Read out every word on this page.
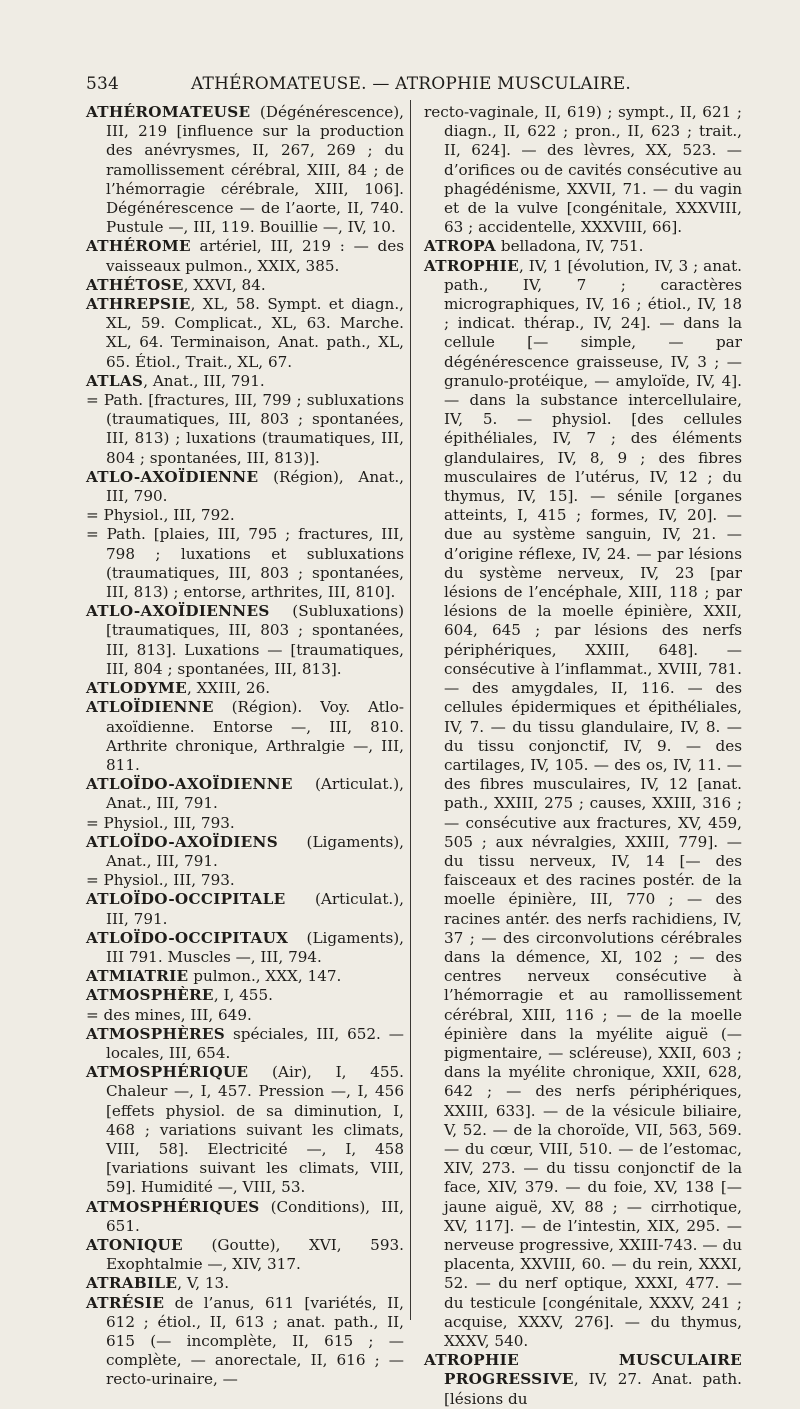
534	ATHÉROMATEUSE. — ATROPHIE MUSCULAIRE.

ATHÉROMATEUSE (Dégénérescence), III, 219 [influence sur la production des anévrysmes, II, 267, 269 ; du ramollissement cérébral, XIII, 84 ; de l’hémorragie cérébrale, XIII, 106]. Dégénérescence — de l’aorte, II, 740. Pustule —, III, 119. Bouillie —, IV, 10.

ATHÉROME artériel, III, 219 : — des vaisseaux pulmon., XXIX, 385.

ATHÉTOSE, XXVI, 84.

ATHREPSIE, XL, 58. Sympt. et diagn., XL, 59. Complicat., XL, 63. Marche. XL, 64. Terminaison, Anat. path., XL, 65. Étiol., Trait., XL, 67.

ATLAS, Anat., III, 791.

= Path. [fractures, III, 799 ; subluxations (traumatiques, III, 803 ; spontanées, III, 813) ; luxations (traumatiques, III, 804 ; spontanées, III, 813)].

ATLO-AXOÏDIENNE (Région), Anat., III, 790.

= Physiol., III, 792.

= Path. [plaies, III, 795 ; fractures, III, 798 ; luxations et subluxations (traumatiques, III, 803 ; spontanées, III, 813) ; entorse, arthrites, III, 810].

ATLO-AXOÏDIENNES (Subluxations) [traumatiques, III, 803 ; spontanées, III, 813]. Luxations — [traumatiques, III, 804 ; spontanées, III, 813].

ATLODYME, XXIII, 26.

ATLOÏDIENNE (Région). Voy. Atlo-axoïdienne. Entorse —, III, 810. Arthrite chronique, Arthralgie —, III, 811.

ATLOÏDO-AXOÏDIENNE (Articulat.), Anat., III, 791.

= Physiol., III, 793.

ATLOÏDO-AXOÏDIENS (Ligaments), Anat., III, 791.

= Physiol., III, 793.

ATLOÏDO-OCCIPITALE (Articulat.), III, 791.

ATLOÏDO-OCCIPITAUX (Ligaments), III 791. Muscles —, III, 794.

ATMIATRIE pulmon., XXX, 147.

ATMOSPHÈRE, I, 455.

= des mines, III, 649.

ATMOSPHÈRES spéciales, III, 652. — locales, III, 654.

ATMOSPHÉRIQUE (Air), I, 455. Chaleur —, I, 457. Pression —, I, 456 [effets physiol. de sa diminution, I, 468 ; variations suivant les climats, VIII, 58]. Electricité —, I, 458 [variations suivant les climats, VIII, 59]. Humidité —, VIII, 53.

ATMOSPHÉRIQUES (Conditions), III, 651.

ATONIQUE (Goutte), XVI, 593. Exophtalmie —, XIV, 317.

ATRABILE, V, 13.

ATRÉSIE de l’anus, 611 [variétés, II, 612 ; étiol., II, 613 ; anat. path., II, 615 (— incomplète, II, 615 ; — complète, — anorectale, II, 616 ; — recto-urinaire, —

recto-vaginale, II, 619) ; sympt., II, 621 ; diagn., II, 622 ; pron., II, 623 ; trait., II, 624]. — des lèvres, XX, 523. — d’orifices ou de cavités consécutive au phagédénisme, XXVII, 71. — du vagin et de la vulve [congénitale, XXXVIII, 63 ; accidentelle, XXXVIII, 66].

ATROPA belladona, IV, 751.

ATROPHIE, IV, 1 [évolution, IV, 3 ; anat. path., IV, 7 ; caractères micrographiques, IV, 16 ; étiol., IV, 18 ; indicat. thérap., IV, 24]. — dans la cellule [— simple, — par dégénérescence graisseuse, IV, 3 ; — granulo-protéique, — amyloïde, IV, 4]. — dans la substance intercellulaire, IV, 5. — physiol. [des cellules épithéliales, IV, 7 ; des éléments glandulaires, IV, 8, 9 ; des fibres musculaires de l’utérus, IV, 12 ; du thymus, IV, 15]. — sénile [organes atteints, I, 415 ; formes, IV, 20]. — due au système sanguin, IV, 21. — d’origine réflexe, IV, 24. — par lésions du système nerveux, IV, 23 [par lésions de l’encéphale, XIII, 118 ; par lésions de la moelle épinière, XXII, 604, 645 ; par lésions des nerfs périphériques, XXIII, 648]. — consécutive à l’inflammat., XVIII, 781. — des amygdales, II, 116. — des cellules épidermiques et épithéliales, IV, 7. — du tissu glandulaire, IV, 8. — du tissu conjonctif, IV, 9. — des cartilages, IV, 105. — des os, IV, 11. — des fibres musculaires, IV, 12 [anat. path., XXIII, 275 ; causes, XXIII, 316 ; — consécutive aux fractures, XV, 459, 505 ; aux névralgies, XXIII, 779]. — du tissu nerveux, IV, 14 [— des faisceaux et des racines postér. de la moelle épinière, III, 770 ; — des racines antér. des nerfs rachidiens, IV, 37 ; — des circonvolutions cérébrales dans la démence, XI, 102 ; — des centres nerveux consécutive à l’hémorragie et au ramollissement cérébral, XIII, 116 ; — de la moelle épinière dans la myélite aiguë (— pigmentaire, — scléreuse), XXII, 603 ; dans la myélite chronique, XXII, 628, 642 ; — des nerfs périphériques, XXIII, 633]. — de la vésicule biliaire, V, 52. — de la choroïde, VII, 563, 569. — du cœur, VIII, 510. — de l’estomac, XIV, 273. — du tissu conjonctif de la face, XIV, 379. — du foie, XV, 138 [— jaune aiguë, XV, 88 ; — cirrhotique, XV, 117]. — de l’intestin, XIX, 295. — nerveuse progressive, XXIII-743. — du placenta, XXVIII, 60. — du rein, XXXI, 52. — du nerf optique, XXXI, 477. — du testicule [congénitale, XXXV, 241 ; acquise, XXXV, 276]. — du thymus, XXXV, 540.

ATROPHIE MUSCULAIRE PROGRESSIVE, IV, 27. Anat. path. [lésions du
